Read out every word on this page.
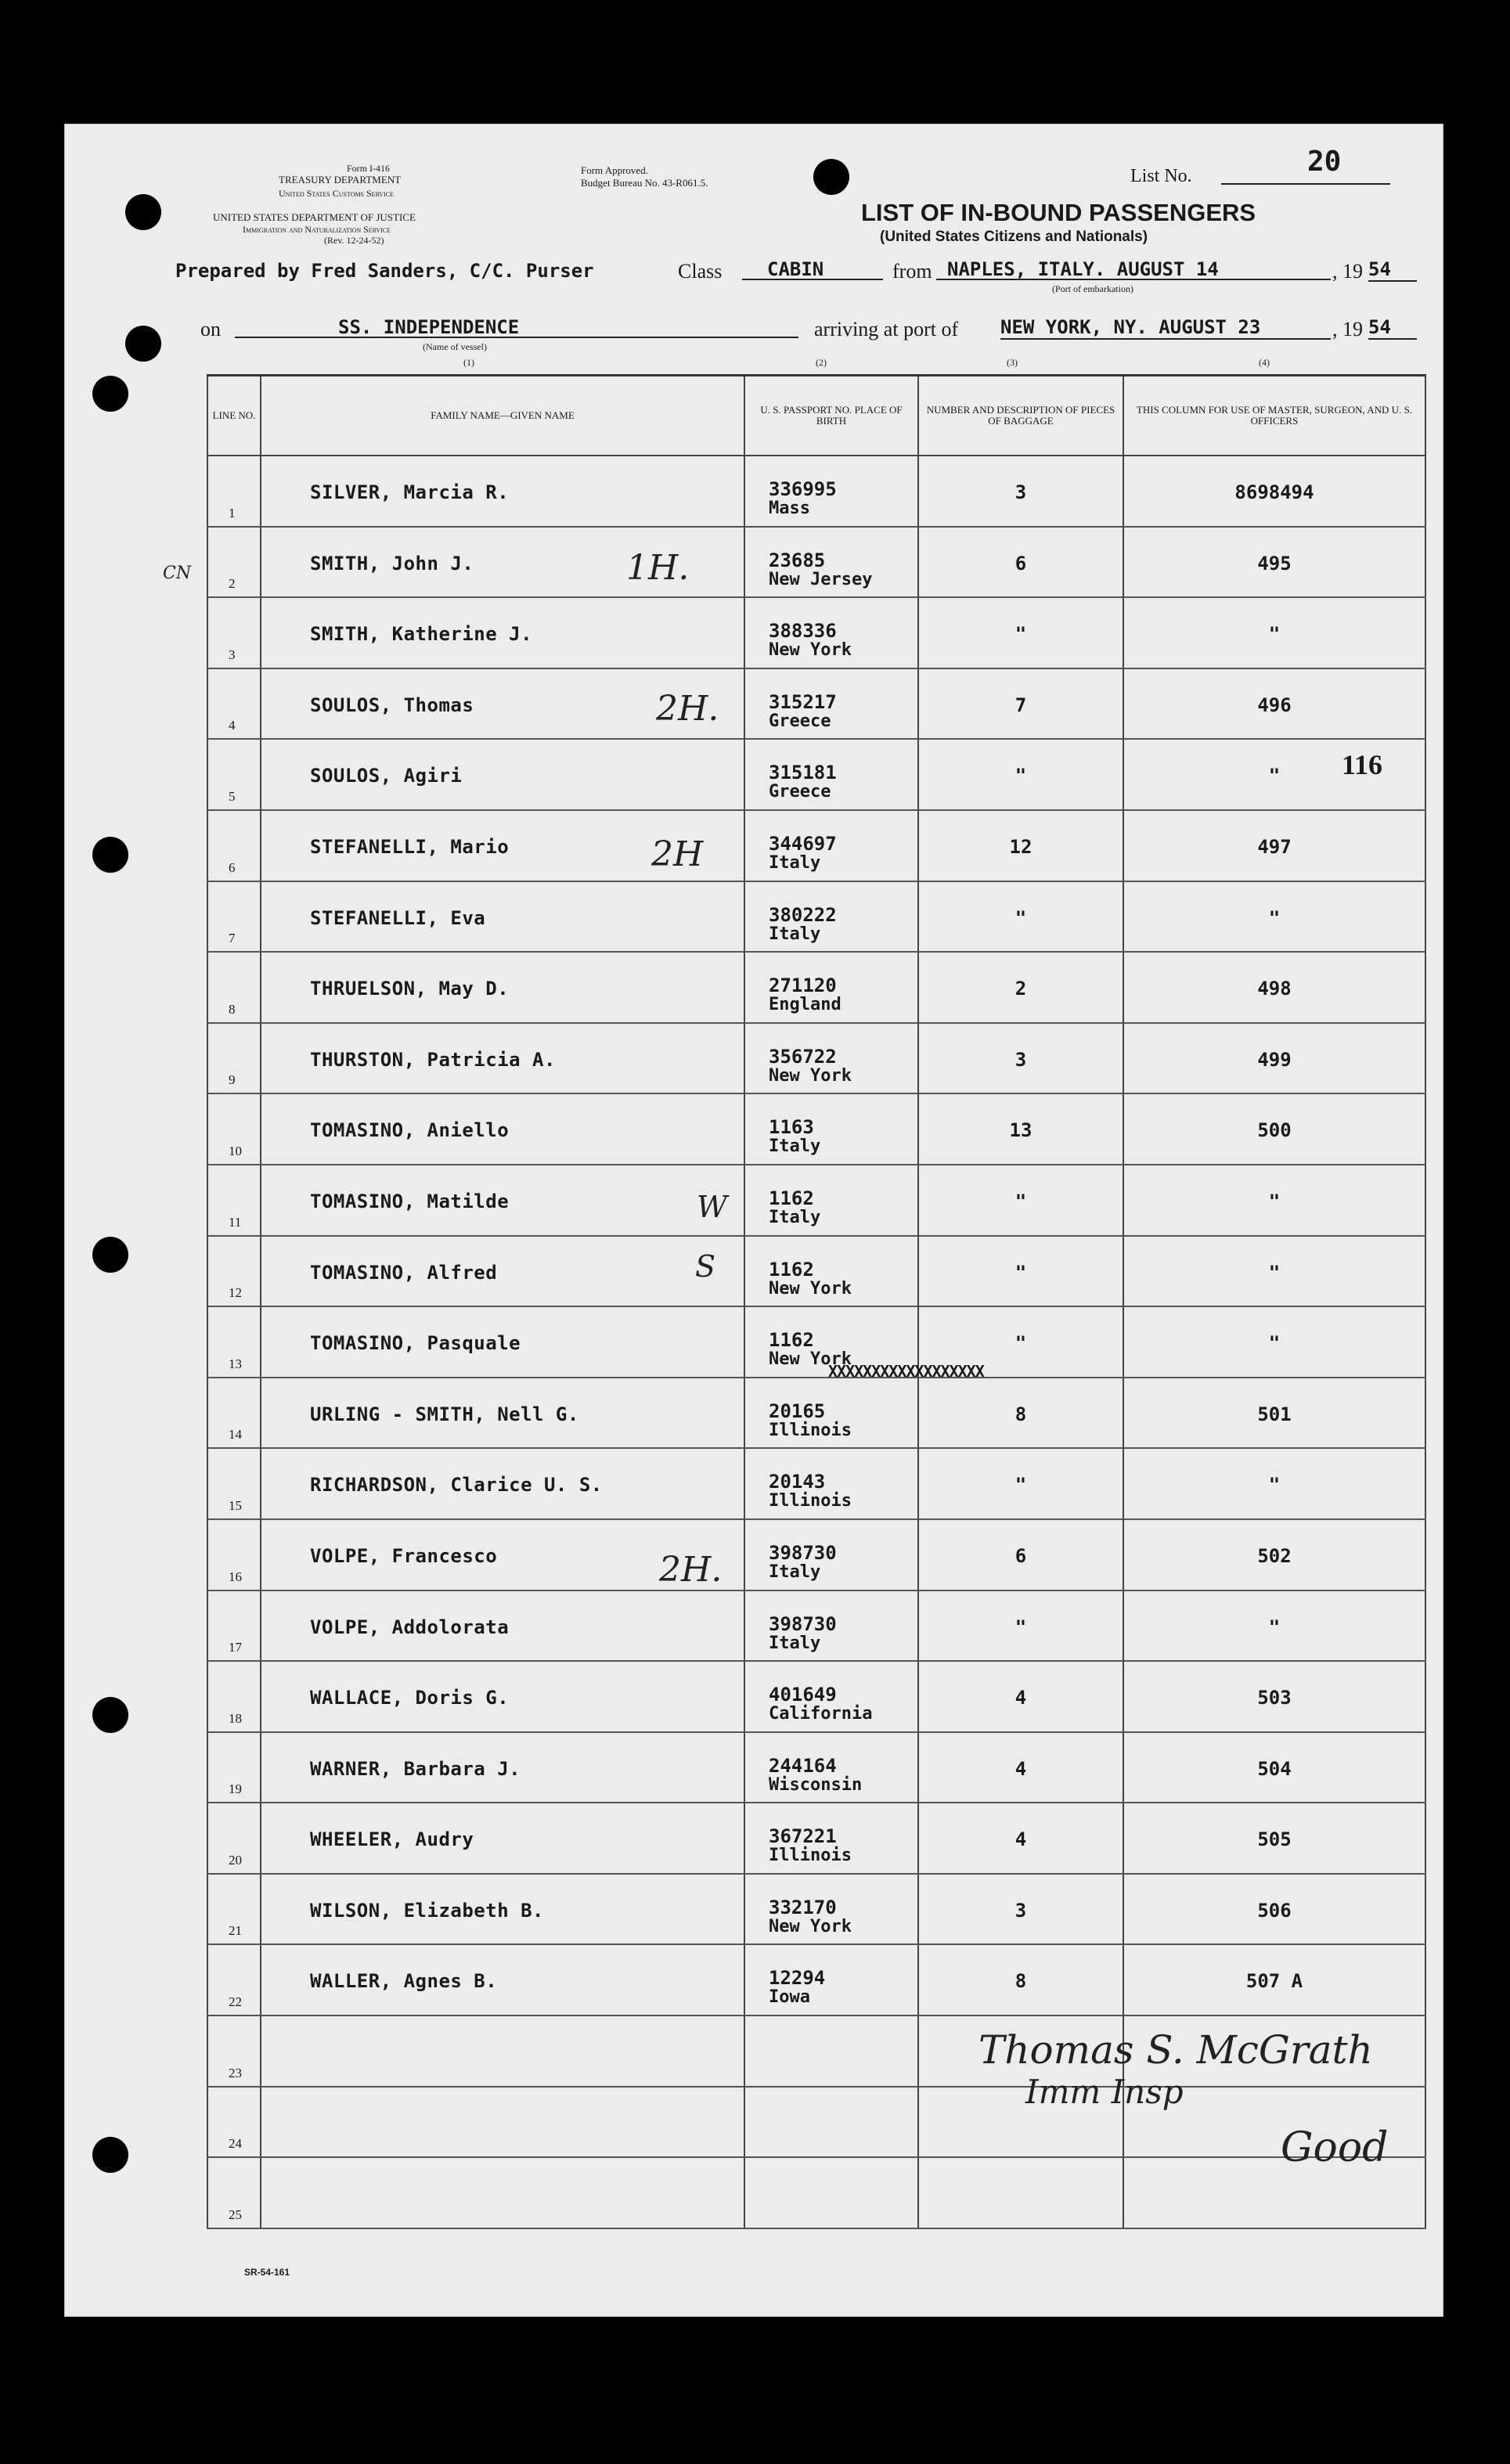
Form I-416
TREASURY DEPARTMENT
United States Customs Service
UNITED STATES DEPARTMENT OF JUSTICE
Immigration and Naturalization Service
(Rev. 12-24-52)
Form Approved.
Budget Bureau No. 43-R061.5.	List No.	20
LIST OF IN-BOUND PASSENGERS
(United States Citizens and Nationals)
Prepared by Fred Sanders, C/C. Purser	Class	CABIN	from NAPLES, ITALY. AUGUST 14	, 19 54
(Port of embarkation)
on	SS. INDEPENDENCE
(Name of vessel)
arriving at port of NEW YORK, NY. AUGUST 23	, 19 54
(1)	(2)	(3)	(4)
LINE NO.	FAMILY NAME—GIVEN NAME	U. S. PASSPORT NO. PLACE OF BIRTH	NUMBER AND DESCRIPTION OF PIECES OF BAGGAGE	THIS COLUMN FOR USE OF MASTER, SURGEON, AND U. S. OFFICERS

1	SILVER, Marcia R.	336995
Mass	3	8698494

2	SMITH, John J.	23685
New Jersey	6	495

3	SMITH, Katherine J.	388336
New York	"	"

4	SOULOS, Thomas	315217
Greece	7	496

5	SOULOS, Agiri	315181
Greece	"	"

6	STEFANELLI, Mario	344697
Italy	12	497

7	STEFANELLI, Eva	380222
Italy	"	"

8	THRUELSON, May D.	271120
England	2	498

9	THURSTON, Patricia A.	356722
New York	3	499

10	TOMASINO, Aniello	1163
Italy	13	500

11	TOMASINO, Matilde	1162
Italy	"	"

12	TOMASINO, Alfred	1162
New York	"	"

13	TOMASINO, Pasquale	1162
New York	"	"

14	URLING - SMITH, Nell G.	20165
Illinois	8	501

15	RICHARDSON, Clarice U. S.	20143
Illinois	"	"

16	VOLPE, Francesco	398730
Italy	6	502

17	VOLPE, Addolorata	398730
Italy	"	"

18	WALLACE, Doris G.	401649
California	4	503

19	WARNER, Barbara J.	244164
Wisconsin	4	504

20	WHEELER, Audry	367221
Illinois	4	505

21	WILSON, Elizabeth B.	332170
New York	3	506

22	WALLER, Agnes B.	12294
Iowa	8	507 A

23				

24				

25				

CN
116
1H.
2H.
2H
2H.
W
S
Thomas S. McGrath
Imm Insp
Good
XXXXXXXXXXXXXXXXXX
SR-54-161
